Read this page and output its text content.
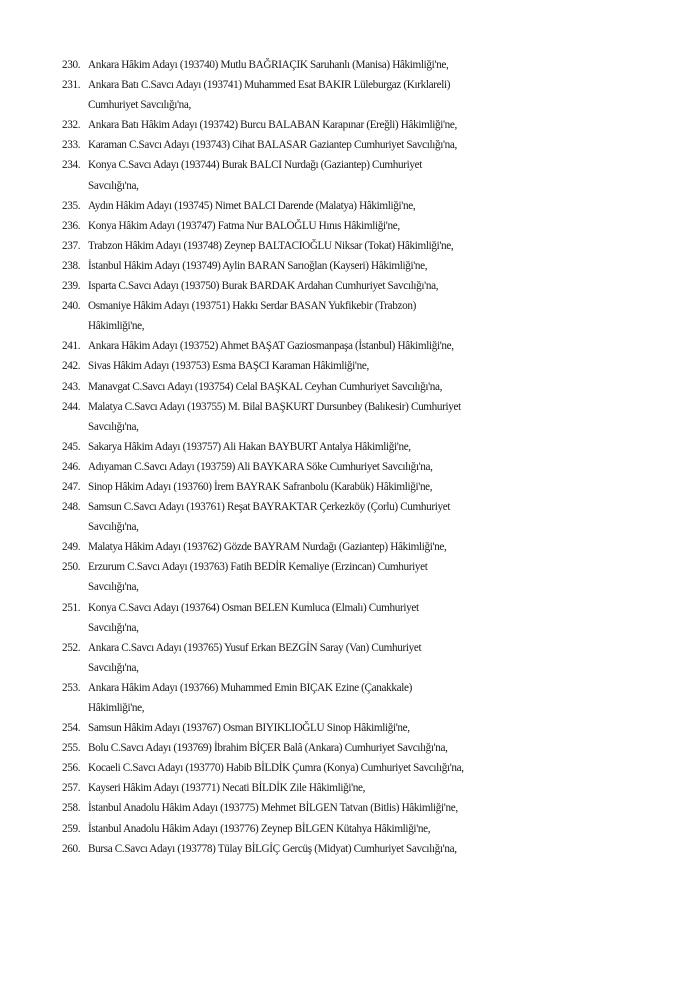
230. Ankara Hâkim Adayı (193740) Mutlu BAĞRIAÇIK Saruhanlı (Manisa) Hâkimliği'ne,
231. Ankara Batı C.Savcı Adayı (193741) Muhammed Esat BAKIR Lüleburgaz (Kırklareli) Cumhuriyet Savcılığı'na,
232. Ankara Batı Hâkim Adayı (193742) Burcu BALABAN Karapınar (Ereğli) Hâkimliği'ne,
233. Karaman C.Savcı Adayı (193743) Cihat BALASAR Gaziantep Cumhuriyet Savcılığı'na,
234. Konya C.Savcı Adayı (193744) Burak BALCI Nurdağı (Gaziantep) Cumhuriyet Savcılığı'na,
235. Aydın Hâkim Adayı (193745) Nimet BALCI Darende (Malatya) Hâkimliği'ne,
236. Konya Hâkim Adayı (193747) Fatma Nur BALOĞLU Hınıs Hâkimliği'ne,
237. Trabzon Hâkim Adayı (193748) Zeynep BALTACIOĞLU Niksar (Tokat) Hâkimliği'ne,
238. İstanbul Hâkim Adayı (193749) Aylin BARAN Sarıoğlan (Kayseri) Hâkimliği'ne,
239. Isparta C.Savcı Adayı (193750) Burak BARDAK Ardahan Cumhuriyet Savcılığı'na,
240. Osmaniye Hâkim Adayı (193751) Hakkı Serdar BASAN Yukfikebir (Trabzon) Hâkimliği'ne,
241. Ankara Hâkim Adayı (193752) Ahmet BAŞAT Gaziosmanpaşa (İstanbul) Hâkimliği'ne,
242. Sivas Hâkim Adayı (193753) Esma BAŞCI Karaman Hâkimliği'ne,
243. Manavgat C.Savcı Adayı (193754) Celal BAŞKAL Ceyhan Cumhuriyet Savcılığı'na,
244. Malatya C.Savcı Adayı (193755) M. Bilal BAŞKURT Dursunbey (Balıkesir) Cumhuriyet Savcılığı'na,
245. Sakarya Hâkim Adayı (193757) Ali Hakan BAYBURT Antalya Hâkimliği'ne,
246. Adıyaman C.Savcı Adayı (193759) Ali BAYKARA Söke Cumhuriyet Savcılığı'na,
247. Sinop Hâkim Adayı (193760) İrem BAYRAK Safranbolu (Karabük) Hâkimliği'ne,
248. Samsun C.Savcı Adayı (193761) Reşat BAYRAKTAR Çerkezköy (Çorlu) Cumhuriyet Savcılığı'na,
249. Malatya Hâkim Adayı (193762) Gözde BAYRAM Nurdağı (Gaziantep) Hâkimliği'ne,
250. Erzurum C.Savcı Adayı (193763) Fatih BEDİR Kemaliye (Erzincan) Cumhuriyet Savcılığı'na,
251. Konya C.Savcı Adayı (193764) Osman BELEN Kumluca (Elmalı) Cumhuriyet Savcılığı'na,
252. Ankara C.Savcı Adayı (193765) Yusuf Erkan BEZGİN Saray (Van) Cumhuriyet Savcılığı'na,
253. Ankara Hâkim Adayı (193766) Muhammed Emin BIÇAK Ezine (Çanakkale) Hâkimliği'ne,
254. Samsun Hâkim Adayı (193767) Osman BIYIKLIOĞLU Sinop Hâkimliği'ne,
255. Bolu C.Savcı Adayı (193769) İbrahim BİÇER Balâ (Ankara) Cumhuriyet Savcılığı'na,
256. Kocaeli C.Savcı Adayı (193770) Habib BİLDİK Çumra (Konya) Cumhuriyet Savcılığı'na,
257. Kayseri Hâkim Adayı (193771) Necati BİLDİK Zile Hâkimliği'ne,
258. İstanbul Anadolu Hâkim Adayı (193775) Mehmet BİLGEN Tatvan (Bitlis) Hâkimliği'ne,
259. İstanbul Anadolu Hâkim Adayı (193776) Zeynep BİLGEN Kütahya Hâkimliği'ne,
260. Bursa C.Savcı Adayı (193778) Tülay BİLGİÇ Gercüş (Midyat) Cumhuriyet Savcılığı'na,
